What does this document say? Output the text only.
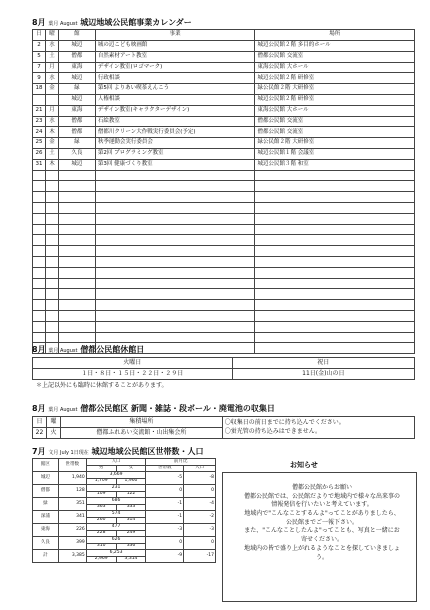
8月 葉月 August 城辺地域公民館事業カレンダー
日	曜	館	事業	場所
2	水	城辺	城の辺こども映画館	城辺公民館２階 多目的ホール
5	土	僧都	自然素材アート教室	僧都公民館 交流室
7	月	東海	デザイン教室(ロゴマーク)	東海公民館 大ホール
9	水	城辺	行政相談	城辺公民館２階 研修室
18	金	緑	第5回 よりあい喫茶えんこう	緑公民館２階 大研修室
		城辺	人権相談	城辺公民館２階 研修室
21	月	東海	デザイン教室(キャラクターデザイン)	東海公民館 大ホール
23	水	僧都	石絵教室	僧都公民館 交流室
24	木	僧都	僧都川クリーン大作戦実行委員会(予定)	僧都公民館 交流室
25	金	緑	秋季運動会実行委員会	緑公民館２階 大研修室
26	土	久良	第2回 プログラミング教室	城辺公民館１階 会議室
31	木	城辺	第3回 健康づくり教室	城辺公民館３階 和室

8月 葉月 August 僧都公民館休館日
火曜日	祝日
１日・８日・１５日・２２日・２９日	11日(金)山の日
＊上記以外にも臨時に休館することがあります。
8月 葉月 August 僧都公民館区 新聞・雑誌・段ボール・廃電池の収集日
日	曜	集積場所	〇収集日の前日までに持ち込んでください。
〇蛍光管の持ち込みはできません。

22	火	僧都ふれあい交流館・山出集会所	
7月 文月 July 1日現在 城辺地域公民館区世帯数・人口
館区	世帯数	人口		前月比	
		男	女	世帯数	人口
城辺	1,940	3,669		-5	-8
		1,709	1,960		
僧都	128	231		0	0
		109	122		
緑	351	686		-1	-4
		363	333		
深浦	341	574		-1	-2
		260	314		
東海	226	477		-3	-3
		228	249		
久良	399	626		0	0
		310	336		
計	3,385	6,253		-9	-17
		2,969	3,314		
お知らせ
僧都公民館からお願い
僧都公民館では、公民館だよりで地域内で様々な出来事の情報発信を行いたいと考えています。
地域内で"こんなことするんよ"ってことがありましたら、公民館までご一報下さい。
また、"こんなことしたんよ"ってことも、写真と一緒にお寄せください。
地域内の皆で盛り上がれるようなことを探していきましょう。
